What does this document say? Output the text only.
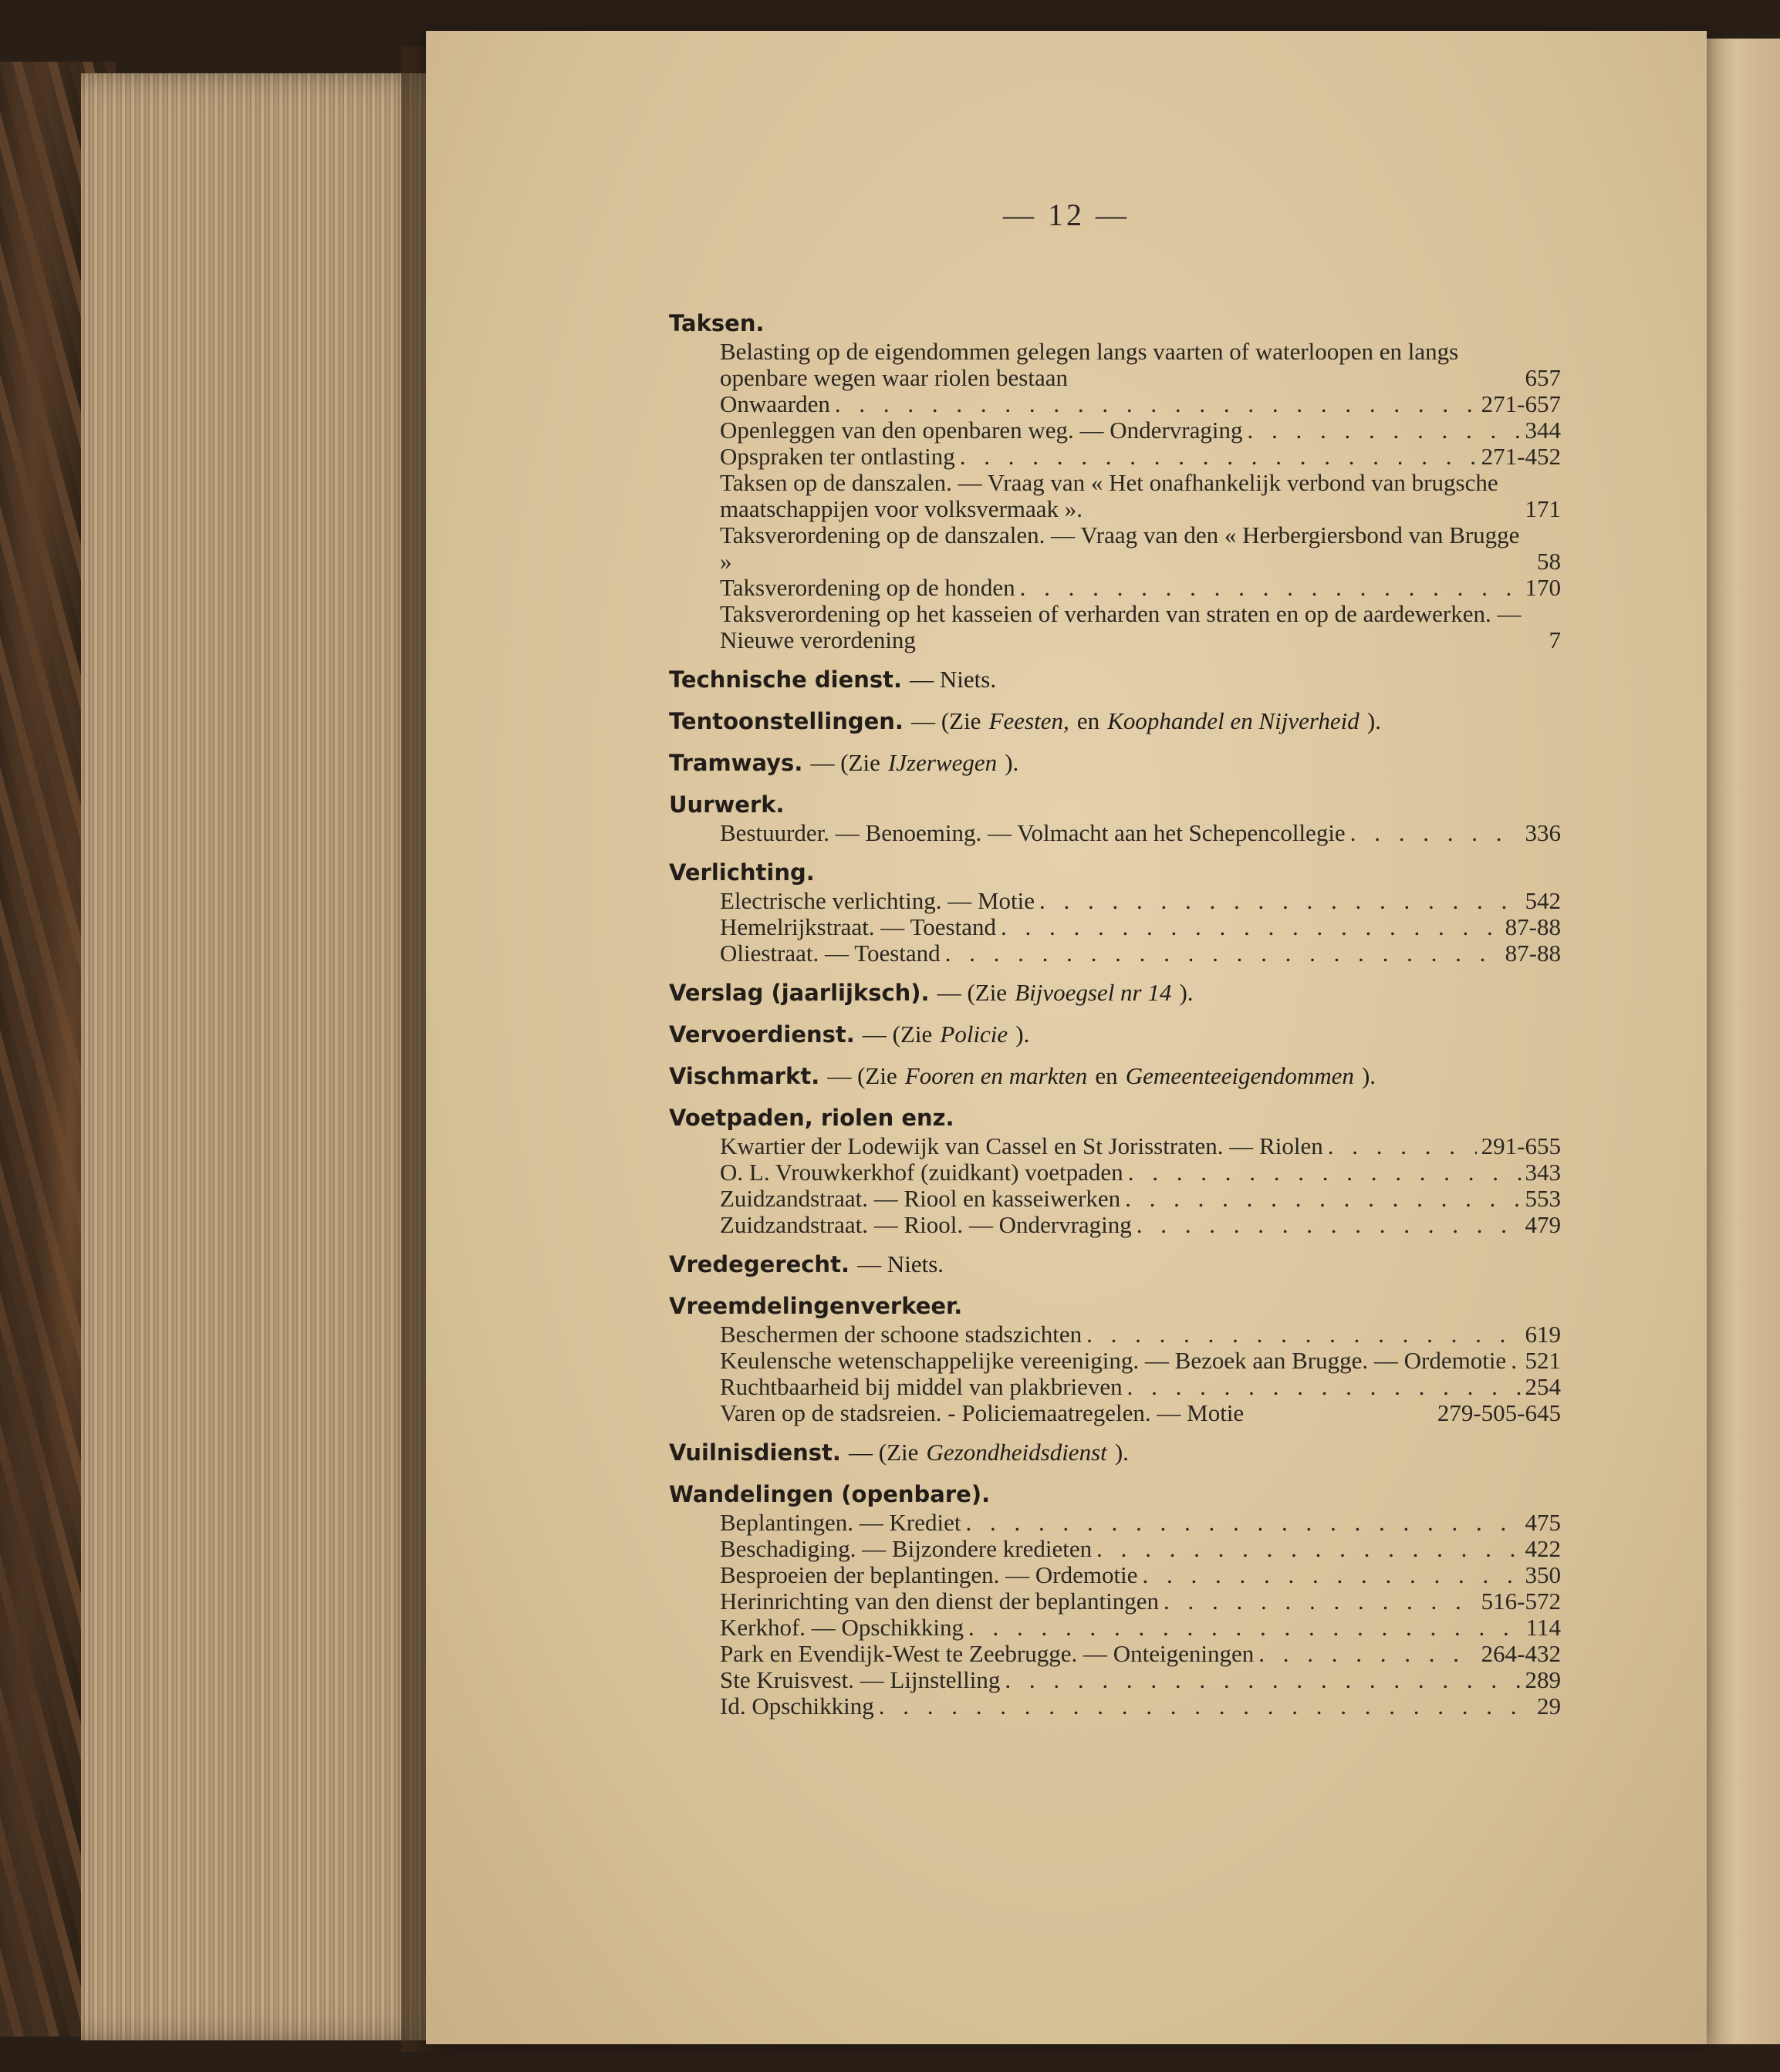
— 12 —
Taksen.
Belasting op de eigendommen gelegen langs vaarten of waterloopen en langs openbare wegen waar riolen bestaan	657
Onwaarden . . .	271-657
Openleggen van den openbaren weg. — Ondervraging . . .	344
Opspraken ter ontlasting . . .	271-452
Taksen op de danszalen. — Vraag van « Het onafhankelijk verbond van brugsche maatschappijen voor volksvermaak ».	171
Taksverordening op de danszalen. — Vraag van den « Herbergiersbond van Brugge »	58
Taksverordening op de honden . . .	170
Taksverordening op het kasseien of verharden van straten en op de aardewerken. — Nieuwe verordening	7
Technische dienst. — Niets.
Tentoonstellingen. — (Zie Feesten, en Koophandel en Nijverheid ).
Tramways. — (Zie IJzerwegen ).
Uurwerk.
Bestuurder. — Benoeming. — Volmacht aan het Schepencollegie . . .	336
Verlichting.
Electrische verlichting. — Motie . . .	542
Hemelrijkstraat. — Toestand . . .	87-88
Oliestraat. — Toestand . . .	87-88
Verslag (jaarlijksch). — (Zie Bijvoegsel nr 14 ).
Vervoerdienst. — (Zie Policie ).
Vischmarkt. — (Zie Fooren en markten en Gemeenteeigendommen ).
Voetpaden, riolen enz.
Kwartier der Lodewijk van Cassel en St Jorisstraten. — Riolen . . .	291-655
O. L. Vrouwkerkhof (zuidkant) voetpaden . . .	343
Zuidzandstraat. — Riool en kasseiwerken . . .	553
Zuidzandstraat. — Riool. — Ondervraging . . .	479
Vredegerecht. — Niets.
Vreemdelingenverkeer.
Beschermen der schoone stadszichten . . .	619
Keulensche wetenschappelijke vereeniging. — Bezoek aan Brugge. — Ordemotie . . . 521
Ruchtbaarheid bij middel van plakbrieven . . .	254
Varen op de stadsreien. - Policiemaatregelen. — Motie	279-505-645
Vuilnisdienst. — (Zie Gezondheidsdienst ).
Wandelingen (openbare).
Beplantingen. — Krediet . . .	475
Beschadiging. — Bijzondere kredieten . . .	422
Besproeien der beplantingen. — Ordemotie . . .	350
Herinrichting van den dienst der beplantingen . . .	516-572
Kerkhof. — Opschikking . . .	114
Park en Evendijk-West te Zeebrugge. — Onteigeningen . . .	264-432
Ste Kruisvest. — Lijnstelling . . .	289
Id. Opschikking . . .	29
